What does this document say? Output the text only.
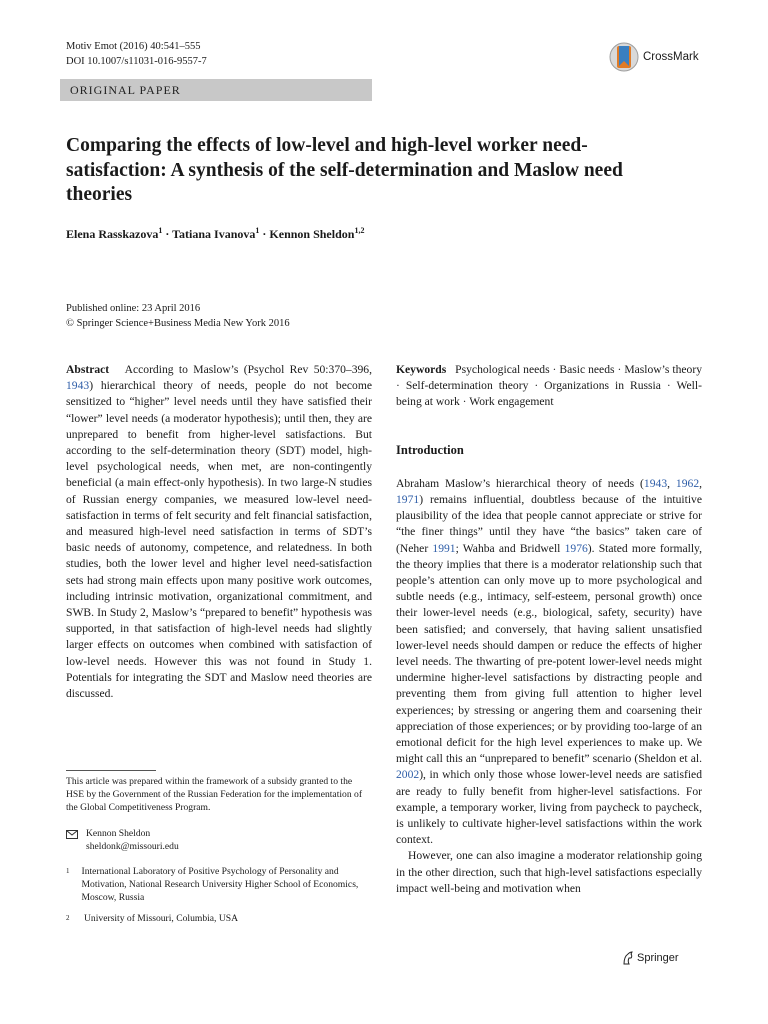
Motiv Emot (2016) 40:541–555
DOI 10.1007/s11031-016-9557-7	CrossMark
ORIGINAL PAPER
Comparing the effects of low-level and high-level worker need-satisfaction: A synthesis of the self-determination and Maslow need theories
Elena Rasskazova$^1$ · Tatiana Ivanova$^1$ · Kennon Sheldon$^{1,2}$
Published online: 23 April 2016
© Springer Science+Business Media New York 2016
Abstract According to Maslow’s (Psychol Rev 50:370–396, 1943) hierarchical theory of needs, people do not become sensitized to “higher” level needs until they have satisfied their “lower” level needs (a moderator hypothesis); until then, they are unprepared to benefit from higher-level satisfactions. But according to the self-determination theory (SDT) model, high-level psychological needs, when met, are non-contingently beneficial (a main effect-only hypothesis). In two large-N studies of Russian energy companies, we measured low-level need-satisfaction in terms of felt security and felt financial satisfaction, and measured high-level need satisfaction in terms of SDT’s basic needs of autonomy, competence, and relatedness. In both studies, both the lower level and higher level need-satisfaction sets had strong main effects upon many positive work outcomes, including intrinsic motivation, organizational commitment, and SWB. In Study 2, Maslow’s “prepared to benefit” hypothesis was supported, in that satisfaction of high-level needs had slightly larger effects on outcomes when combined with satisfaction of low-level needs. However this was not found in Study 1. Potentials for integrating the SDT and Maslow need theories are discussed.
This article was prepared within the framework of a subsidy granted to the HSE by the Government of the Russian Federation for the implementation of the Global Competitiveness Program.
Kennon Sheldon
sheldonk@missouri.edu
1 International Laboratory of Positive Psychology of Personality and Motivation, National Research University Higher School of Economics, Moscow, Russia
2 University of Missouri, Columbia, USA

Keywords Psychological needs · Basic needs · Maslow’s theory · Self-determination theory · Organizations in Russia · Well-being at work · Work engagement

Introduction

Abraham Maslow’s hierarchical theory of needs (1943, 1962, 1971) remains influential, doubtless because of the intuitive plausibility of the idea that people cannot appreciate or strive for “the finer things” until they have “the basics” taken care of (Neher 1991; Wahba and Bridwell 1976). Stated more formally, the theory implies that there is a moderator relationship such that people’s attention can only move up to more psychological and subtle needs (e.g., intimacy, self-esteem, personal growth) once their lower-level needs (e.g., biological, safety, security) have been satisfied; and conversely, that having salient unsatisfied lower-level needs should dampen or reduce the effects of higher level needs. The thwarting of pre-potent lower-level needs might undermine higher-level satisfactions by distracting people and preventing them from giving full attention to higher level experiences; by stressing or angering them and coarsening their appreciation of those experiences; or by providing too-large of an emotional deficit for the high level experiences to make up. We might call this an “unprepared to benefit” scenario (Sheldon et al. 2002), in which only those whose lower-level needs are satisfied are ready to fully benefit from higher-level satisfactions. For example, a temporary worker, living from paycheck to paycheck, is unlikely to cultivate higher-level satisfactions within the work context.

However, one can also imagine a moderator relationship going in the other direction, such that high-level satisfactions especially impact well-being and motivation when

Springer
